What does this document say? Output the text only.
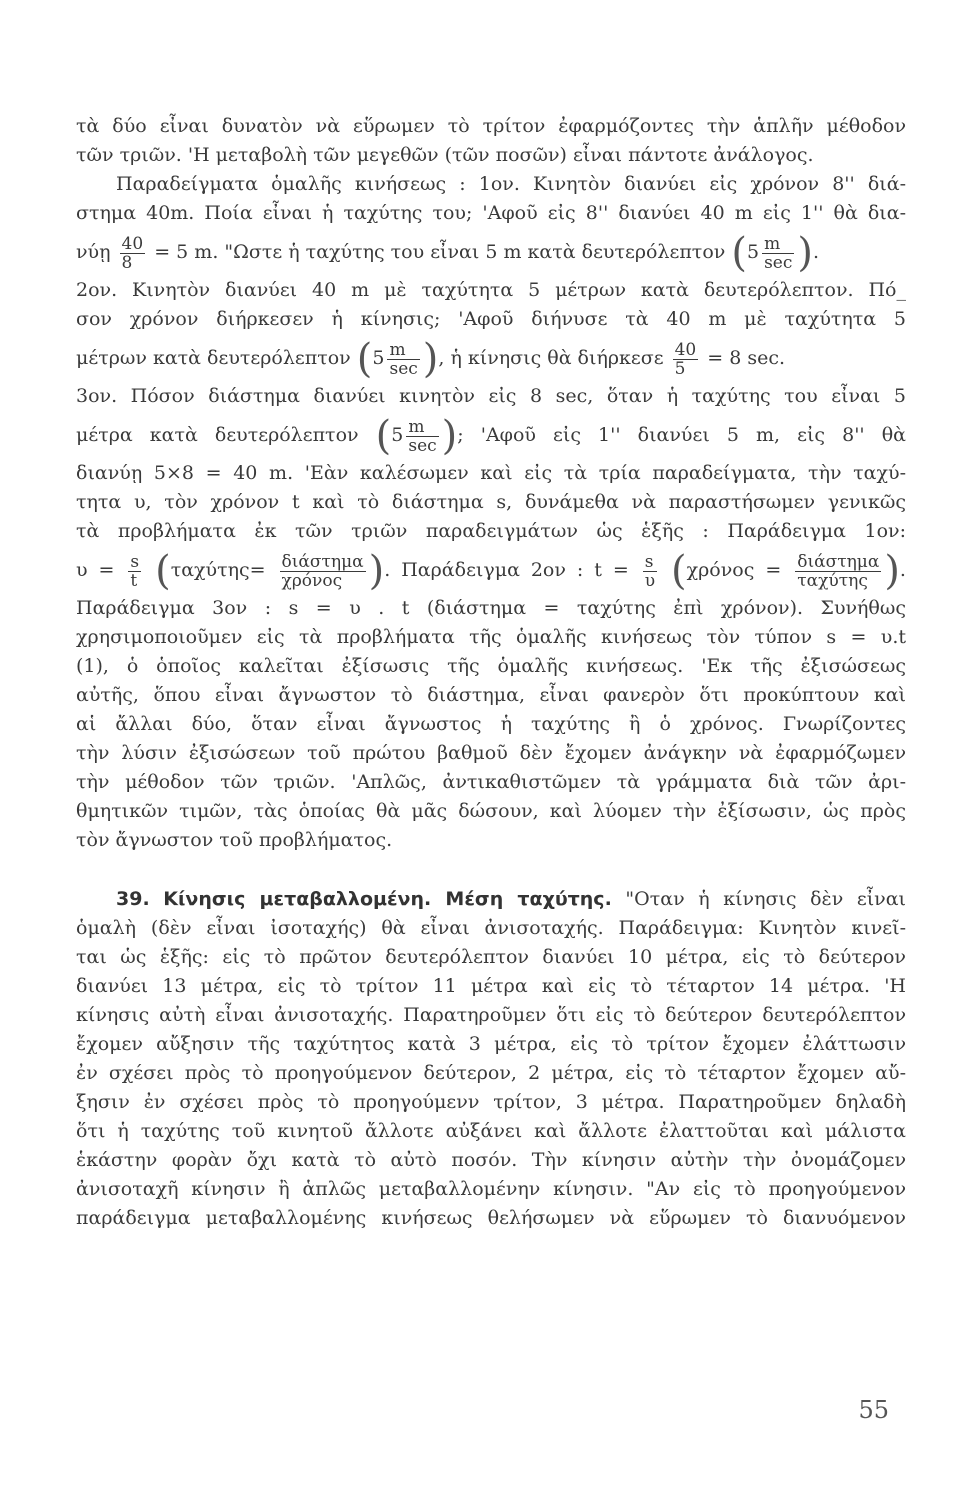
τὰ δύο εἶναι δυνατὸν νὰ εὕρωμεν τὸ τρίτον ἐφαρμόζοντες τὴν ἁπλῆν μέθοδον
τῶν τριῶν. 'Η μεταβολὴ τῶν μεγεθῶν (τῶν ποσῶν) εἶναι πάντοτε ἀνάλογος.
Παραδείγματα ὁμαλῆς κινήσεως : 1ον. Κινητὸν διανύει εἰς χρόνον 8'' διά-
στημα 40m. Ποία εἶναι ἡ ταχύτης του; 'Αφοῦ εἰς 8'' διανύει 40 m εἰς 1'' θὰ δια-
νύῃ $\frac{40}{8} = 5$ m. "Ωστε ἡ ταχύτης του εἶναι 5 m κατὰ δευτερόλεπτον ($5 \frac{m}{\sec}$ ).
2ον. Κινητὸν διανύει 40 m μὲ ταχύτητα 5 μέτρων κατὰ δευτερόλεπτον. Πό_
σον χρόνον διήρκεσεν ἡ κίνησις; 'Αφοῦ διήνυσε τὰ 40 m μὲ ταχύτητα 5
μέτρων κατὰ δευτερόλεπτον ($5 \frac{m}{\sec}$ ), ἡ κίνησις θὰ διήρκεσε $\frac{40}{5} = 8$ sec.
3ον. Πόσον διάστημα διανύει κινητὸν εἰς 8 sec, ὅταν ἡ ταχύτης του εἶναι 5
μέτρα κατὰ δευτερόλεπτον ($5 \frac{m}{\sec}$ ); 'Αφοῦ εἰς 1'' διανύει 5 m, εἰς 8'' θὰ
διανύῃ 5×8 = 40 m. 'Εὰν καλέσωμεν καὶ εἰς τὰ τρία παραδείγματα, τὴν ταχύ-
τητα υ, τὸν χρόνον t καὶ τὸ διάστημα s, δυνάμεθα νὰ παραστήσωμεν γενικῶς
τὰ προβλήματα ἐκ τῶν τριῶν παραδειγμάτων ὡς ἑξῆς : Παράδειγμα 1ον:
$\upsilon = \frac{s}{t} (\tau\alpha\chi ύ\tau\eta\varsigma= \frac{\text{διάστημα}}{\text{χρόνος}}$ ). Παράδειγμα 2ον : $t = \frac{s}{\upsilon} (\chi\rho ό\nu o\varsigma = \frac{\text{διάστημα}}{\text{ταχύτης}}$ ).
Παράδειγμα 3ον : s = υ . t (διάστημα = ταχύτης ἐπὶ χρόνον). Συνήθως
χρησιμοποιοῦμεν εἰς τὰ προβλήματα τῆς ὁμαλῆς κινήσεως τὸν τύπον s = υ.t
(1), ὁ ὁποῖος καλεῖται ἐξίσωσις τῆς ὁμαλῆς κινήσεως. 'Εκ τῆς ἐξισώσεως
αὐτῆς, ὅπου εἶναι ἄγνωστον τὸ διάστημα, εἶναι φανερὸν ὅτι προκύπτουν καὶ
αἱ ἄλλαι δύο, ὅταν εἶναι ἄγνωστος ἡ ταχύτης ἢ ὁ χρόνος. Γνωρίζοντες
τὴν λύσιν ἐξισώσεων τοῦ πρώτου βαθμοῦ δὲν ἔχομεν ἀνάγκην νὰ ἐφαρμόζωμεν
τὴν μέθοδον τῶν τριῶν. 'Απλῶς, ἀντικαθιστῶμεν τὰ γράμματα διὰ τῶν ἀρι-
θμητικῶν τιμῶν, τὰς ὁποίας θὰ μᾶς δώσουν, καὶ λύομεν τὴν ἐξίσωσιν, ὡς πρὸς
τὸν ἄγνωστον τοῦ προβλήματος.
39. Κίνησις μεταβαλλομένη. Μέση ταχύτης. "Οταν ἡ κίνησις δὲν εἶναι
ὁμαλὴ (δὲν εἶναι ἰσοταχής) θὰ εἶναι ἀνισοταχής. Παράδειγμα: Κινητὸν κινεῖ-
ται ὡς ἑξῆς: εἰς τὸ πρῶτον δευτερόλεπτον διανύει 10 μέτρα, εἰς τὸ δεύτερον
διανύει 13 μέτρα, εἰς τὸ τρίτον 11 μέτρα καὶ εἰς τὸ τέταρτον 14 μέτρα. 'Η
κίνησις αὐτὴ εἶναι ἀνισοταχής. Παρατηροῦμεν ὅτι εἰς τὸ δεύτερον δευτερόλεπτον
ἔχομεν αὔξησιν τῆς ταχύτητος κατὰ 3 μέτρα, εἰς τὸ τρίτον ἔχομεν ἐλάττωσιν
ἐν σχέσει πρὸς τὸ προηγούμενον δεύτερον, 2 μέτρα, εἰς τὸ τέταρτον ἔχομεν αὔ-
ξησιν ἐν σχέσει πρὸς τὸ προηγούμενν τρίτον, 3 μέτρα. Παρατηροῦμεν δηλαδὴ
ὅτι ἡ ταχύτης τοῦ κινητοῦ ἄλλοτε αὐξάνει καὶ ἄλλοτε ἐλαττοῦται καὶ μάλιστα
ἑκάστην φορὰν ὄχι κατὰ τὸ αὐτὸ ποσόν. Τὴν κίνησιν αὐτὴν τὴν ὀνομάζομεν
ἀνισοταχῆ κίνησιν ἢ ἁπλῶς μεταβαλλομένην κίνησιν. "Αν εἰς τὸ προηγούμενον
παράδειγμα μεταβαλλομένης κινήσεως θελήσωμεν νὰ εὕρωμεν τὸ διανυόμενον
55
